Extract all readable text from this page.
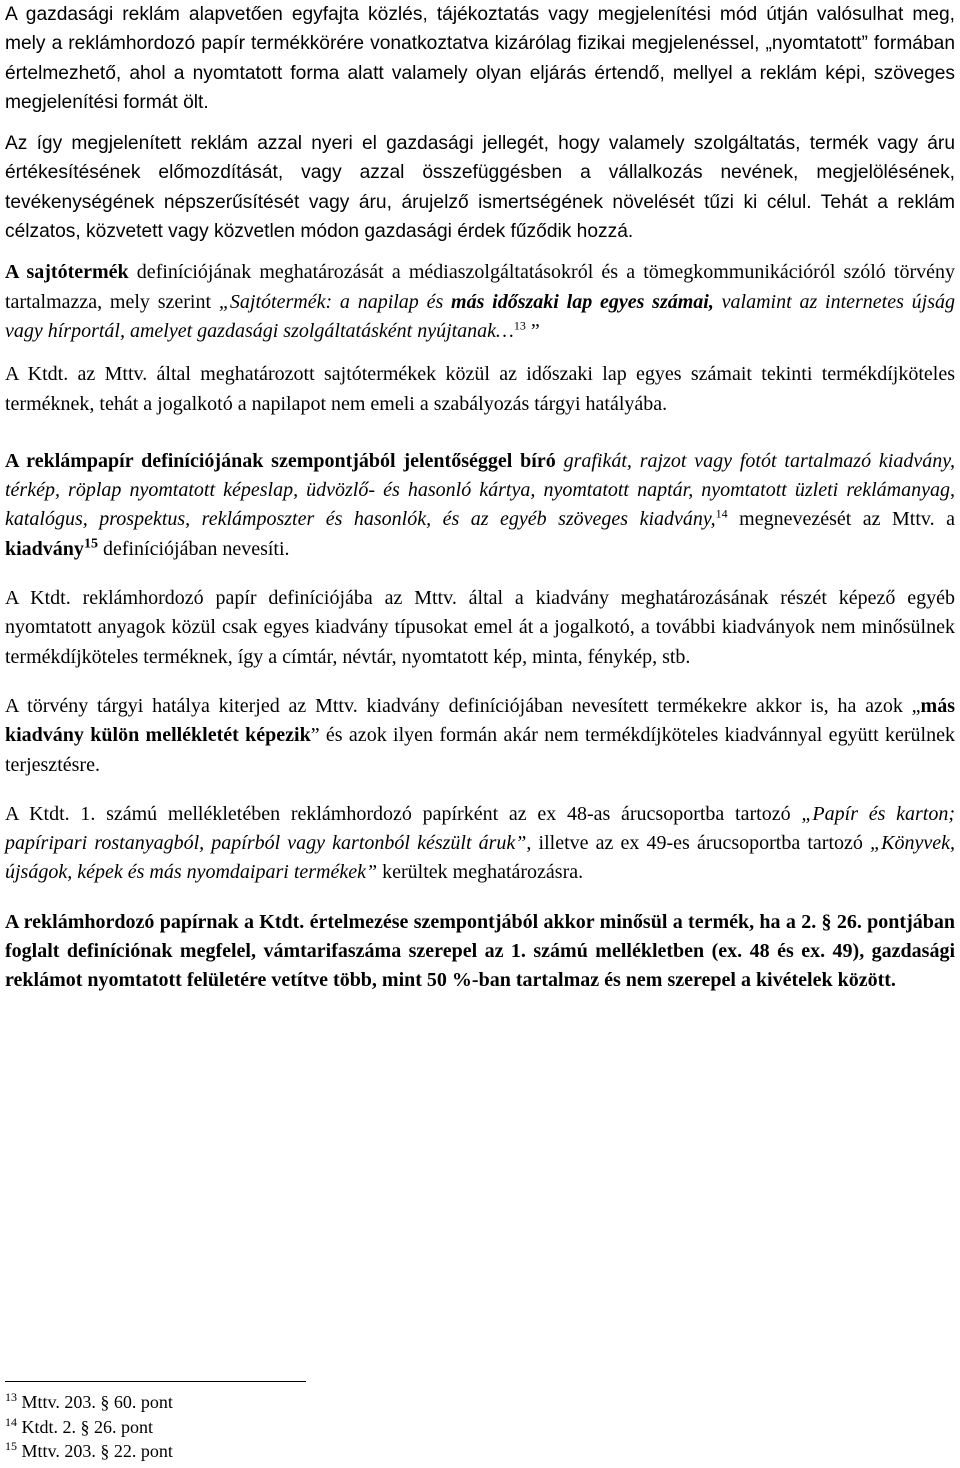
A gazdasági reklám alapvetően egyfajta közlés, tájékoztatás vagy megjelenítési mód útján valósulhat meg, mely a reklámhordozó papír termékkörére vonatkoztatva kizárólag fizikai megjelenéssel, „nyomtatott” formában értelmezhető, ahol a nyomtatott forma alatt valamely olyan eljárás értendő, mellyel a reklám képi, szöveges megjelenítési formát ölt.

Az így megjelenített reklám azzal nyeri el gazdasági jellegét, hogy valamely szolgáltatás, termék vagy áru értékesítésének előmozdítását, vagy azzal összefüggésben a vállalkozás nevének, megjelölésének, tevékenységének népszerűsítését vagy áru, árujelző ismertségének növelését tűzi ki célul. Tehát a reklám célzatos, közvetett vagy közvetlen módon gazdasági érdek fűződik hozzá.

A sajtótermék definíciójának meghatározását a médiaszolgáltatásokról és a tömegkommunikációról szóló törvény tartalmazza, mely szerint „Sajtótermék: a napilap és más időszaki lap egyes számai, valamint az internetes újság vagy hírportál, amelyet gazdasági szolgáltatásként nyújtanak…$^{13}$ ”

A Ktdt. az Mttv. által meghatározott sajtótermékek közül az időszaki lap egyes számait tekinti termékdíjköteles terméknek, tehát a jogalkotó a napilapot nem emeli a szabályozás tárgyi hatályába.

A reklámpapír definíciójának szempontjából jelentőséggel bíró grafikát, rajzot vagy fotót tartalmazó kiadvány, térkép, röplap nyomtatott képeslap, üdvözlő- és hasonló kártya, nyomtatott naptár, nyomtatott üzleti reklámanyag, katalógus, prospektus, reklámposzter és hasonlók, és az egyéb szöveges kiadvány,$^{14}$ megnevezését az Mttv. a kiadvány$^{15}$ definíciójában nevesíti.

A Ktdt. reklámhordozó papír definíciójába az Mttv. által a kiadvány meghatározásának részét képező egyéb nyomtatott anyagok közül csak egyes kiadvány típusokat emel át a jogalkotó, a további kiadványok nem minősülnek termékdíjköteles terméknek, így a címtár, névtár, nyomtatott kép, minta, fénykép, stb.

A törvény tárgyi hatálya kiterjed az Mttv. kiadvány definíciójában nevesített termékekre akkor is, ha azok „más kiadvány külön mellékletét képezik” és azok ilyen formán akár nem termékdíjköteles kiadvánnyal együtt kerülnek terjesztésre.

A Ktdt. 1. számú mellékletében reklámhordozó papírként az ex 48-as árucsoportba tartozó „Papír és karton; papíripari rostanyagból, papírból vagy kartonból készült áruk”, illetve az ex 49-es árucsoportba tartozó „Könyvek, újságok, képek és más nyomdaipari termékek” kerültek meghatározásra.

A reklámhordozó papírnak a Ktdt. értelmezése szempontjából akkor minősül a termék, ha a 2. § 26. pontjában foglalt definíciónak megfelel, vámtarifaszáma szerepel az 1. számú mellékletben (ex. 48 és ex. 49), gazdasági reklámot nyomtatott felületére vetítve több, mint 50 %-ban tartalmaz és nem szerepel a kivételek között.

$^{13}$ Mttv. 203. § 60. pont

$^{14}$ Ktdt. 2. § 26. pont

$^{15}$ Mttv. 203. § 22. pont
